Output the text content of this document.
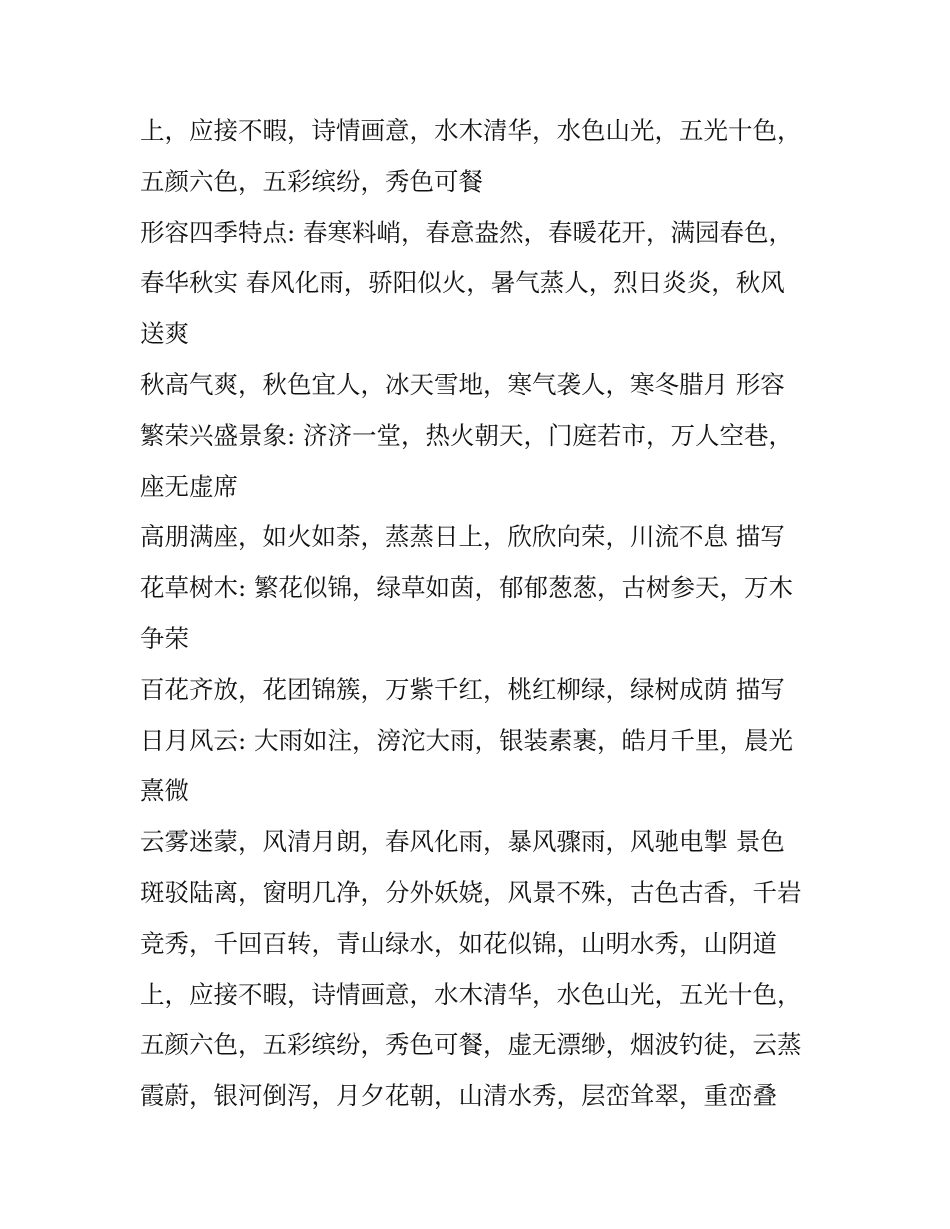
上，应接不暇，诗情画意，水木清华，水色山光，五光十色，
五颜六色，五彩缤纷，秀色可餐
形容四季特点: 春寒料峭，春意盎然，春暖花开，满园春色，
春华秋实 春风化雨，骄阳似火，暑气蒸人，烈日炎炎，秋风
送爽
秋高气爽，秋色宜人，冰天雪地，寒气袭人，寒冬腊月 形容
繁荣兴盛景象: 济济一堂，热火朝天，门庭若市，万人空巷，
座无虚席
高朋满座，如火如荼，蒸蒸日上，欣欣向荣，川流不息 描写
花草树木: 繁花似锦，绿草如茵，郁郁葱葱，古树参天，万木
争荣
百花齐放，花团锦簇，万紫千红，桃红柳绿，绿树成荫 描写
日月风云: 大雨如注，滂沱大雨，银装素裹，皓月千里，晨光
熹微
云雾迷蒙，风清月朗，春风化雨，暴风骤雨，风驰电掣 景色
斑驳陆离，窗明几净，分外妖娆，风景不殊，古色古香，千岩
竞秀，千回百转，青山绿水，如花似锦，山明水秀，山阴道
上，应接不暇，诗情画意，水木清华，水色山光，五光十色，
五颜六色，五彩缤纷，秀色可餐，虚无漂缈，烟波钓徒，云蒸
霞蔚，银河倒泻，月夕花朝，山清水秀，层峦耸翠，重峦叠
